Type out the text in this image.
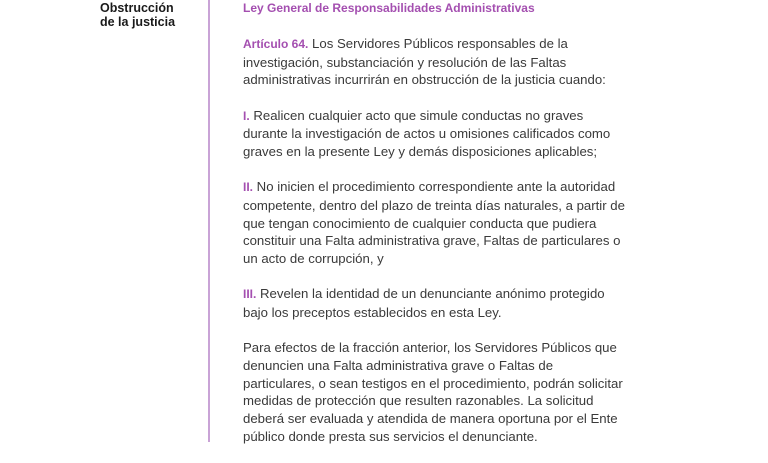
Obstrucción
de la justicia
Ley General de Responsabilidades Administrativas
Artículo 64. Los Servidores Públicos responsables de la
investigación, substanciación y resolución de las Faltas
administrativas incurrirán en obstrucción de la justicia cuando:
I. Realicen cualquier acto que simule conductas no graves
durante la investigación de actos u omisiones calificados como
graves en la presente Ley y demás disposiciones aplicables;
II. No inicien el procedimiento correspondiente ante la autoridad
competente, dentro del plazo de treinta días naturales, a partir de
que tengan conocimiento de cualquier conducta que pudiera
constituir una Falta administrativa grave, Faltas de particulares o
un acto de corrupción, y
III. Revelen la identidad de un denunciante anónimo protegido
bajo los preceptos establecidos en esta Ley.
Para efectos de la fracción anterior, los Servidores Públicos que
denuncien una Falta administrativa grave o Faltas de
particulares, o sean testigos en el procedimiento, podrán solicitar
medidas de protección que resulten razonables. La solicitud
deberá ser evaluada y atendida de manera oportuna por el Ente
público donde presta sus servicios el denunciante.
